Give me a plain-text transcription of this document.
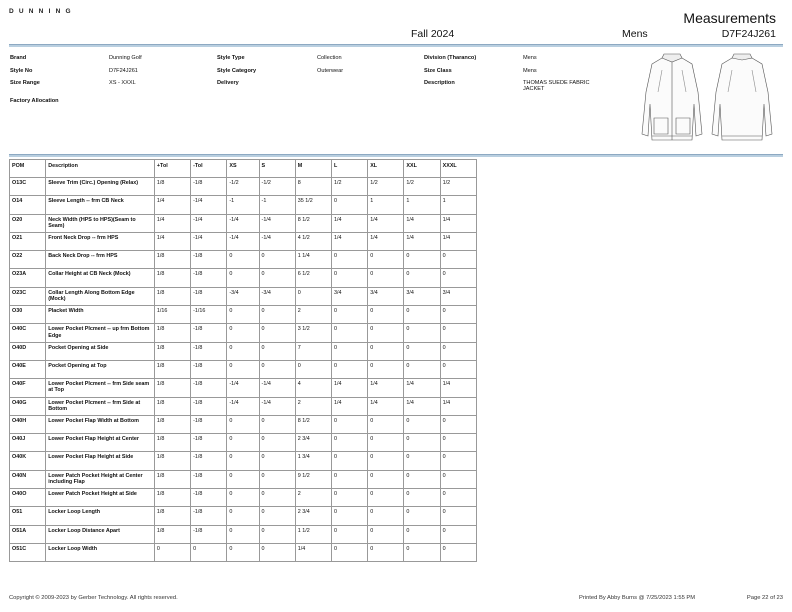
DUNNING	Measurements
Fall 2024	Mens	D7F24J261
Brand	Dunning Golf	Style Type	Collection	Division (Tharanco)	Mens
Style No	D7F24J261	Style Category	Outerwear	Size Class	Mens
Size Range	XS - XXXL	Delivery	Description	THOMAS SUEDE FABRIC JACKET
Factory Allocation
POM	Description	+Tol	-Tol	XS	S	M	L	XL	XXL	XXXL
O13C	Sleeve Trim (Circ.) Opening (Relax)	1/8	-1/8	-1/2	-1/2	8	1/2	1/2	1/2	1/2
O14	Sleeve Length -- frm CB Neck	1/4	-1/4	-1	-1	35 1/2	0	1	1	1
O20	Neck Width (HPS to HPS)(Seam to Seam)	1/4	-1/4	-1/4	-1/4	8 1/2	1/4	1/4	1/4	1/4
O21	Front Neck Drop -- frm HPS	1/4	-1/4	-1/4	-1/4	4 1/2	1/4	1/4	1/4	1/4
O22	Back Neck Drop -- frm HPS	1/8	-1/8	0	0	1 1/4	0	0	0	0
O23A	Collar Height at CB Neck (Mock)	1/8	-1/8	0	0	6 1/2	0	0	0	0
O23C	Collar Length Along Bottom Edge (Mock)	1/8	-1/8	-3/4	-3/4	0	3/4	3/4	3/4	3/4
O30	Placket Width	1/16	-1/16	0	0	2	0	0	0	0
O40C	Lower Pocket Plcment -- up frm Bottom Edge	1/8	-1/8	0	0	3 1/2	0	0	0	0
O40D	Pocket Opening at Side	1/8	-1/8	0	0	7	0	0	0	0
O40E	Pocket Opening at Top	1/8	-1/8	0	0	0	0	0	0	0
O40F	Lower Pocket Plcment -- frm Side seam at Top	1/8	-1/8	-1/4	-1/4	4	1/4	1/4	1/4	1/4
O40G	Lower Pocket Plcment -- frm Side at Bottom	1/8	-1/8	-1/4	-1/4	2	1/4	1/4	1/4	1/4
O40H	Lower Pocket Flap Width at Bottom	1/8	-1/8	0	0	8 1/2	0	0	0	0
O40J	Lower Pocket Flap Height at Center	1/8	-1/8	0	0	2 3/4	0	0	0	0
O40K	Lower Pocket Flap Height at Side	1/8	-1/8	0	0	1 3/4	0	0	0	0
O40N	Lower Patch Pocket Height at Center including Flap	1/8	-1/8	0	0	9 1/2	0	0	0	0
O40O	Lower Patch Pocket Height at Side	1/8	-1/8	0	0	2	0	0	0	0
O51	Locker Loop Length	1/8	-1/8	0	0	2 3/4	0	0	0	0
O51A	Locker Loop Distance Apart	1/8	-1/8	0	0	1 1/2	0	0	0	0
O51C	Locker Loop Width	0	0	0	0	1/4	0	0	0	0
Copyright © 2009-2023 by Gerber Technology. All rights reserved.	Printed By Abby Burns @ 7/25/2023 1:55 PM	Page 22 of 23
